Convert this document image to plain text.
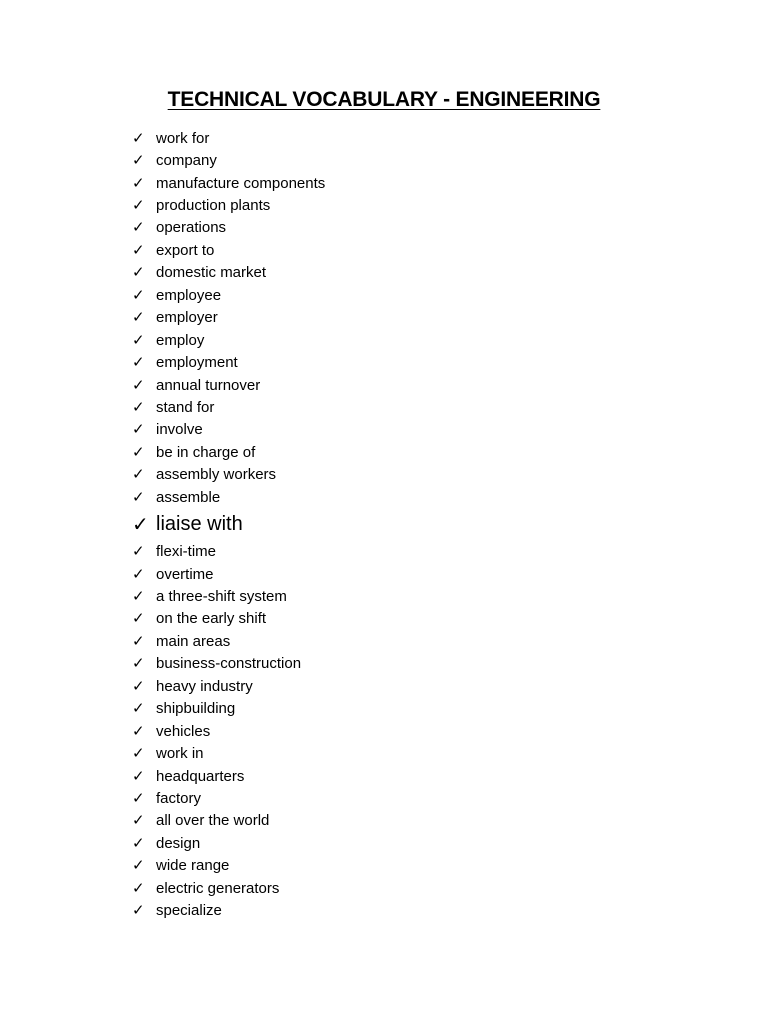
TECHNICAL VOCABULARY - ENGINEERING
✓ work for
✓ company
✓ manufacture components
✓ production plants
✓ operations
✓ export to
✓ domestic market
✓ employee
✓ employer
✓ employ
✓ employment
✓ annual turnover
✓ stand for
✓ involve
✓ be in charge of
✓ assembly workers
✓ assemble
✓ liaise with
✓ flexi-time
✓ overtime
✓ a three-shift system
✓ on the early shift
✓ main areas
✓ business-construction
✓ heavy industry
✓ shipbuilding
✓ vehicles
✓ work in
✓ headquarters
✓ factory
✓ all over the world
✓ design
✓ wide range
✓ electric generators
✓ specialize
